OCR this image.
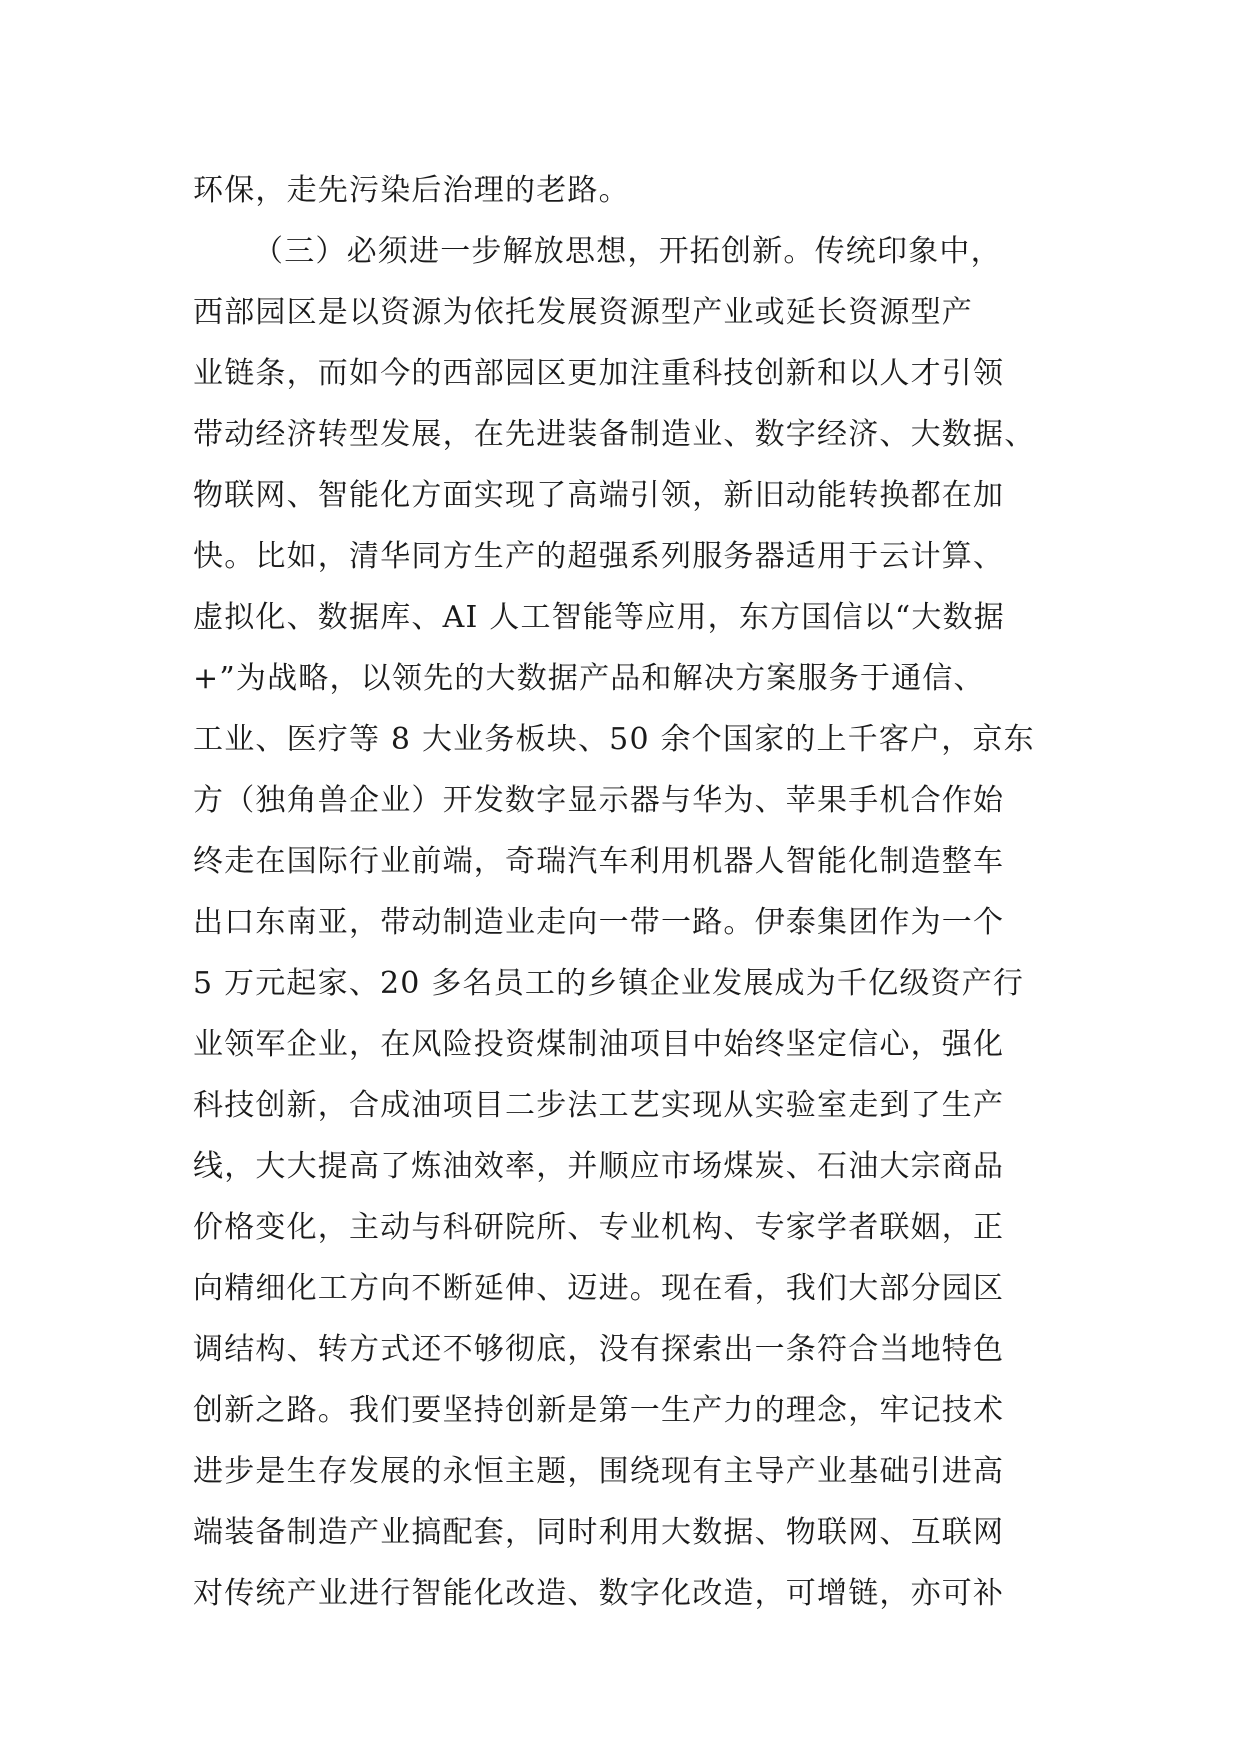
环保，走先污染后治理的老路。
（三）必须进一步解放思想，开拓创新。传统印象中，
西部园区是以资源为依托发展资源型产业或延长资源型产
业链条，而如今的西部园区更加注重科技创新和以人才引领
带动经济转型发展，在先进装备制造业、数字经济、大数据、
物联网、智能化方面实现了高端引领，新旧动能转换都在加
快。比如，清华同方生产的超强系列服务器适用于云计算、
虚拟化、数据库、AI 人工智能等应用，东方国信以“大数据
+”为战略，以领先的大数据产品和解决方案服务于通信、
工业、医疗等 8 大业务板块、50 余个国家的上千客户，京东
方（独角兽企业）开发数字显示器与华为、苹果手机合作始
终走在国际行业前端，奇瑞汽车利用机器人智能化制造整车
出口东南亚，带动制造业走向一带一路。伊泰集团作为一个
5 万元起家、20 多名员工的乡镇企业发展成为千亿级资产行
业领军企业，在风险投资煤制油项目中始终坚定信心，强化
科技创新，合成油项目二步法工艺实现从实验室走到了生产
线，大大提高了炼油效率，并顺应市场煤炭、石油大宗商品
价格变化，主动与科研院所、专业机构、专家学者联姻，正
向精细化工方向不断延伸、迈进。现在看，我们大部分园区
调结构、转方式还不够彻底，没有探索出一条符合当地特色
创新之路。我们要坚持创新是第一生产力的理念，牢记技术
进步是生存发展的永恒主题，围绕现有主导产业基础引进高
端装备制造产业搞配套，同时利用大数据、物联网、互联网
对传统产业进行智能化改造、数字化改造，可增链，亦可补
